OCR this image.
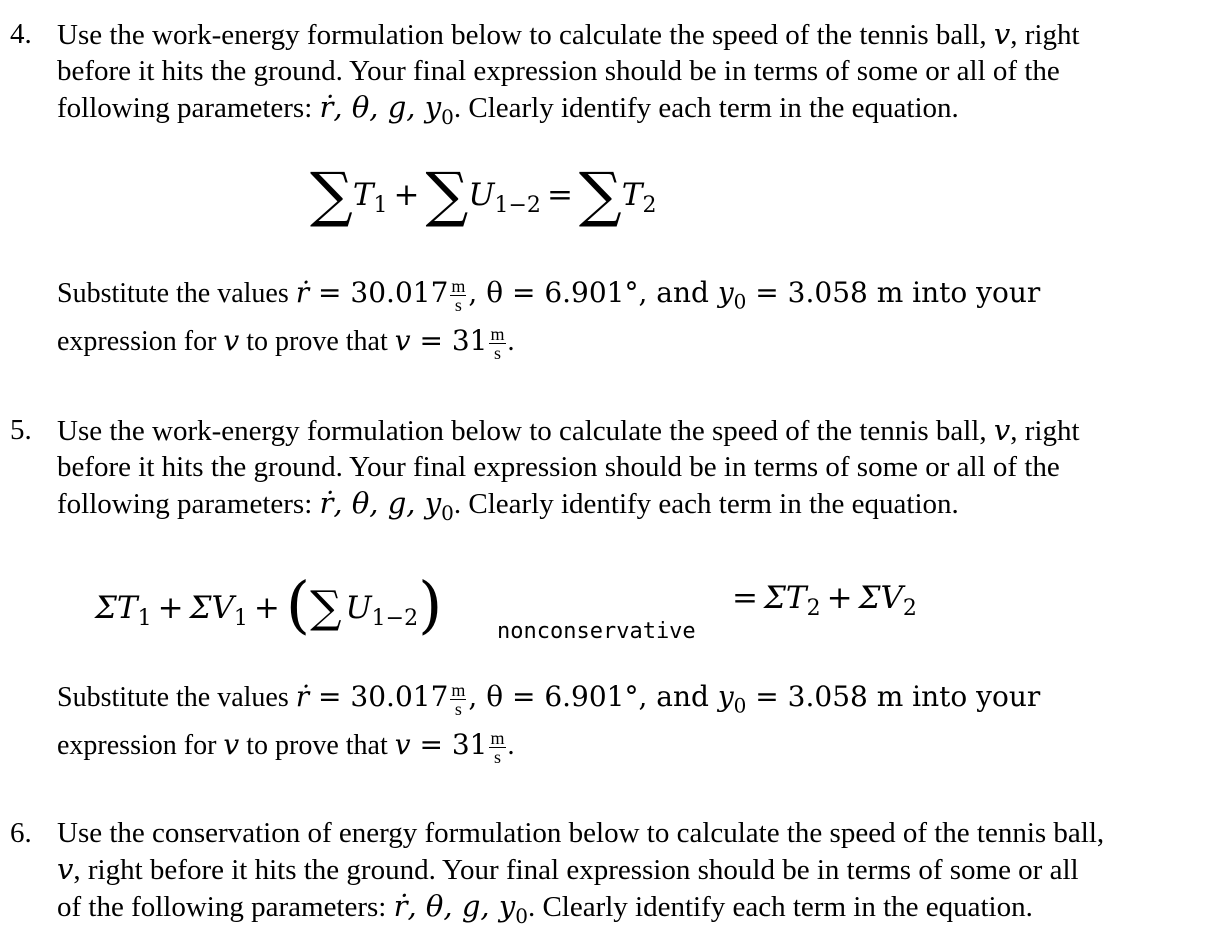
4. Use the work-energy formulation below to calculate the speed of the tennis ball, v, right
before it hits the ground. Your final expression should be in terms of some or all of the
following parameters: ṙ, θ, g, $y_0$. Clearly identify each term in the equation.
∑T1 + ∑U1−2 = ∑T2
Substitute the values ṙ = $30.017 \frac{m}{s}$ , θ = 6.901°, and $y_0 = 3.058$ m into your
expression for v to prove that $v = 31 \frac{m}{s}$ .
5. Use the work-energy formulation below to calculate the speed of the tennis ball, v, right
before it hits the ground. Your final expression should be in terms of some or all of the
following parameters: ṙ, θ, g, $y_0$. Clearly identify each term in the equation.
ΣT1 + ΣV1 +(∑ U1−2) nonconservative
= ΣT2 + ΣV2
Substitute the values ṙ = $30.017 \frac{m}{s}$ , θ = 6.901°, and $y_0 = 3.058$ m into your
expression for v to prove that $v = 31 \frac{m}{s}$ .
6. Use the conservation of energy formulation below to calculate the speed of the tennis ball,
v, right before it hits the ground. Your final expression should be in terms of some or all
of the following parameters: ṙ, θ, g, $y_0$. Clearly identify each term in the equation.
